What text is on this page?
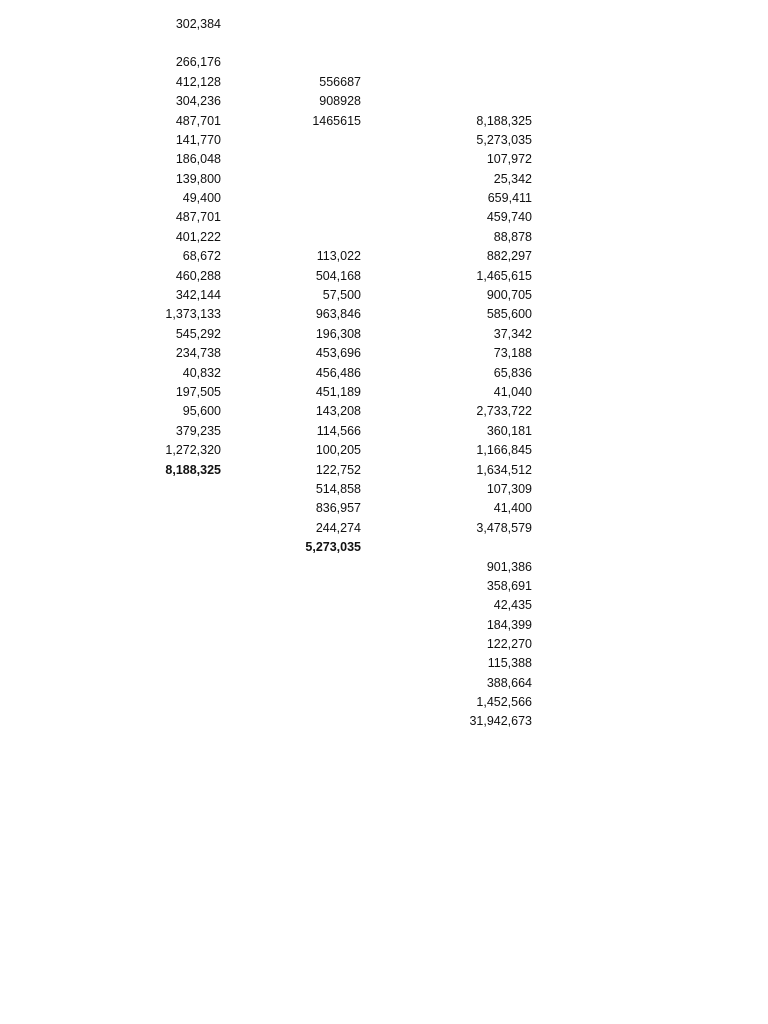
302,384
266,176
412,128
304,236
487,701
141,770
186,048
139,800
49,400
487,701
401,222
68,672
460,288
342,144
1,373,133
545,292
234,738
40,832
197,505
95,600
379,235
1,272,320
8,188,325
556687
908928
1465615
113,022
504,168
57,500
963,846
196,308
453,696
456,486
451,189
143,208
114,566
100,205
122,752
514,858
836,957
244,274
5,273,035
8,188,325
5,273,035
107,972
25,342
659,411
459,740
88,878
882,297
1,465,615
900,705
585,600
37,342
73,188
65,836
41,040
2,733,722
360,181
1,166,845
1,634,512
107,309
41,400
3,478,579
901,386
358,691
42,435
184,399
122,270
115,388
388,664
1,452,566
31,942,673
